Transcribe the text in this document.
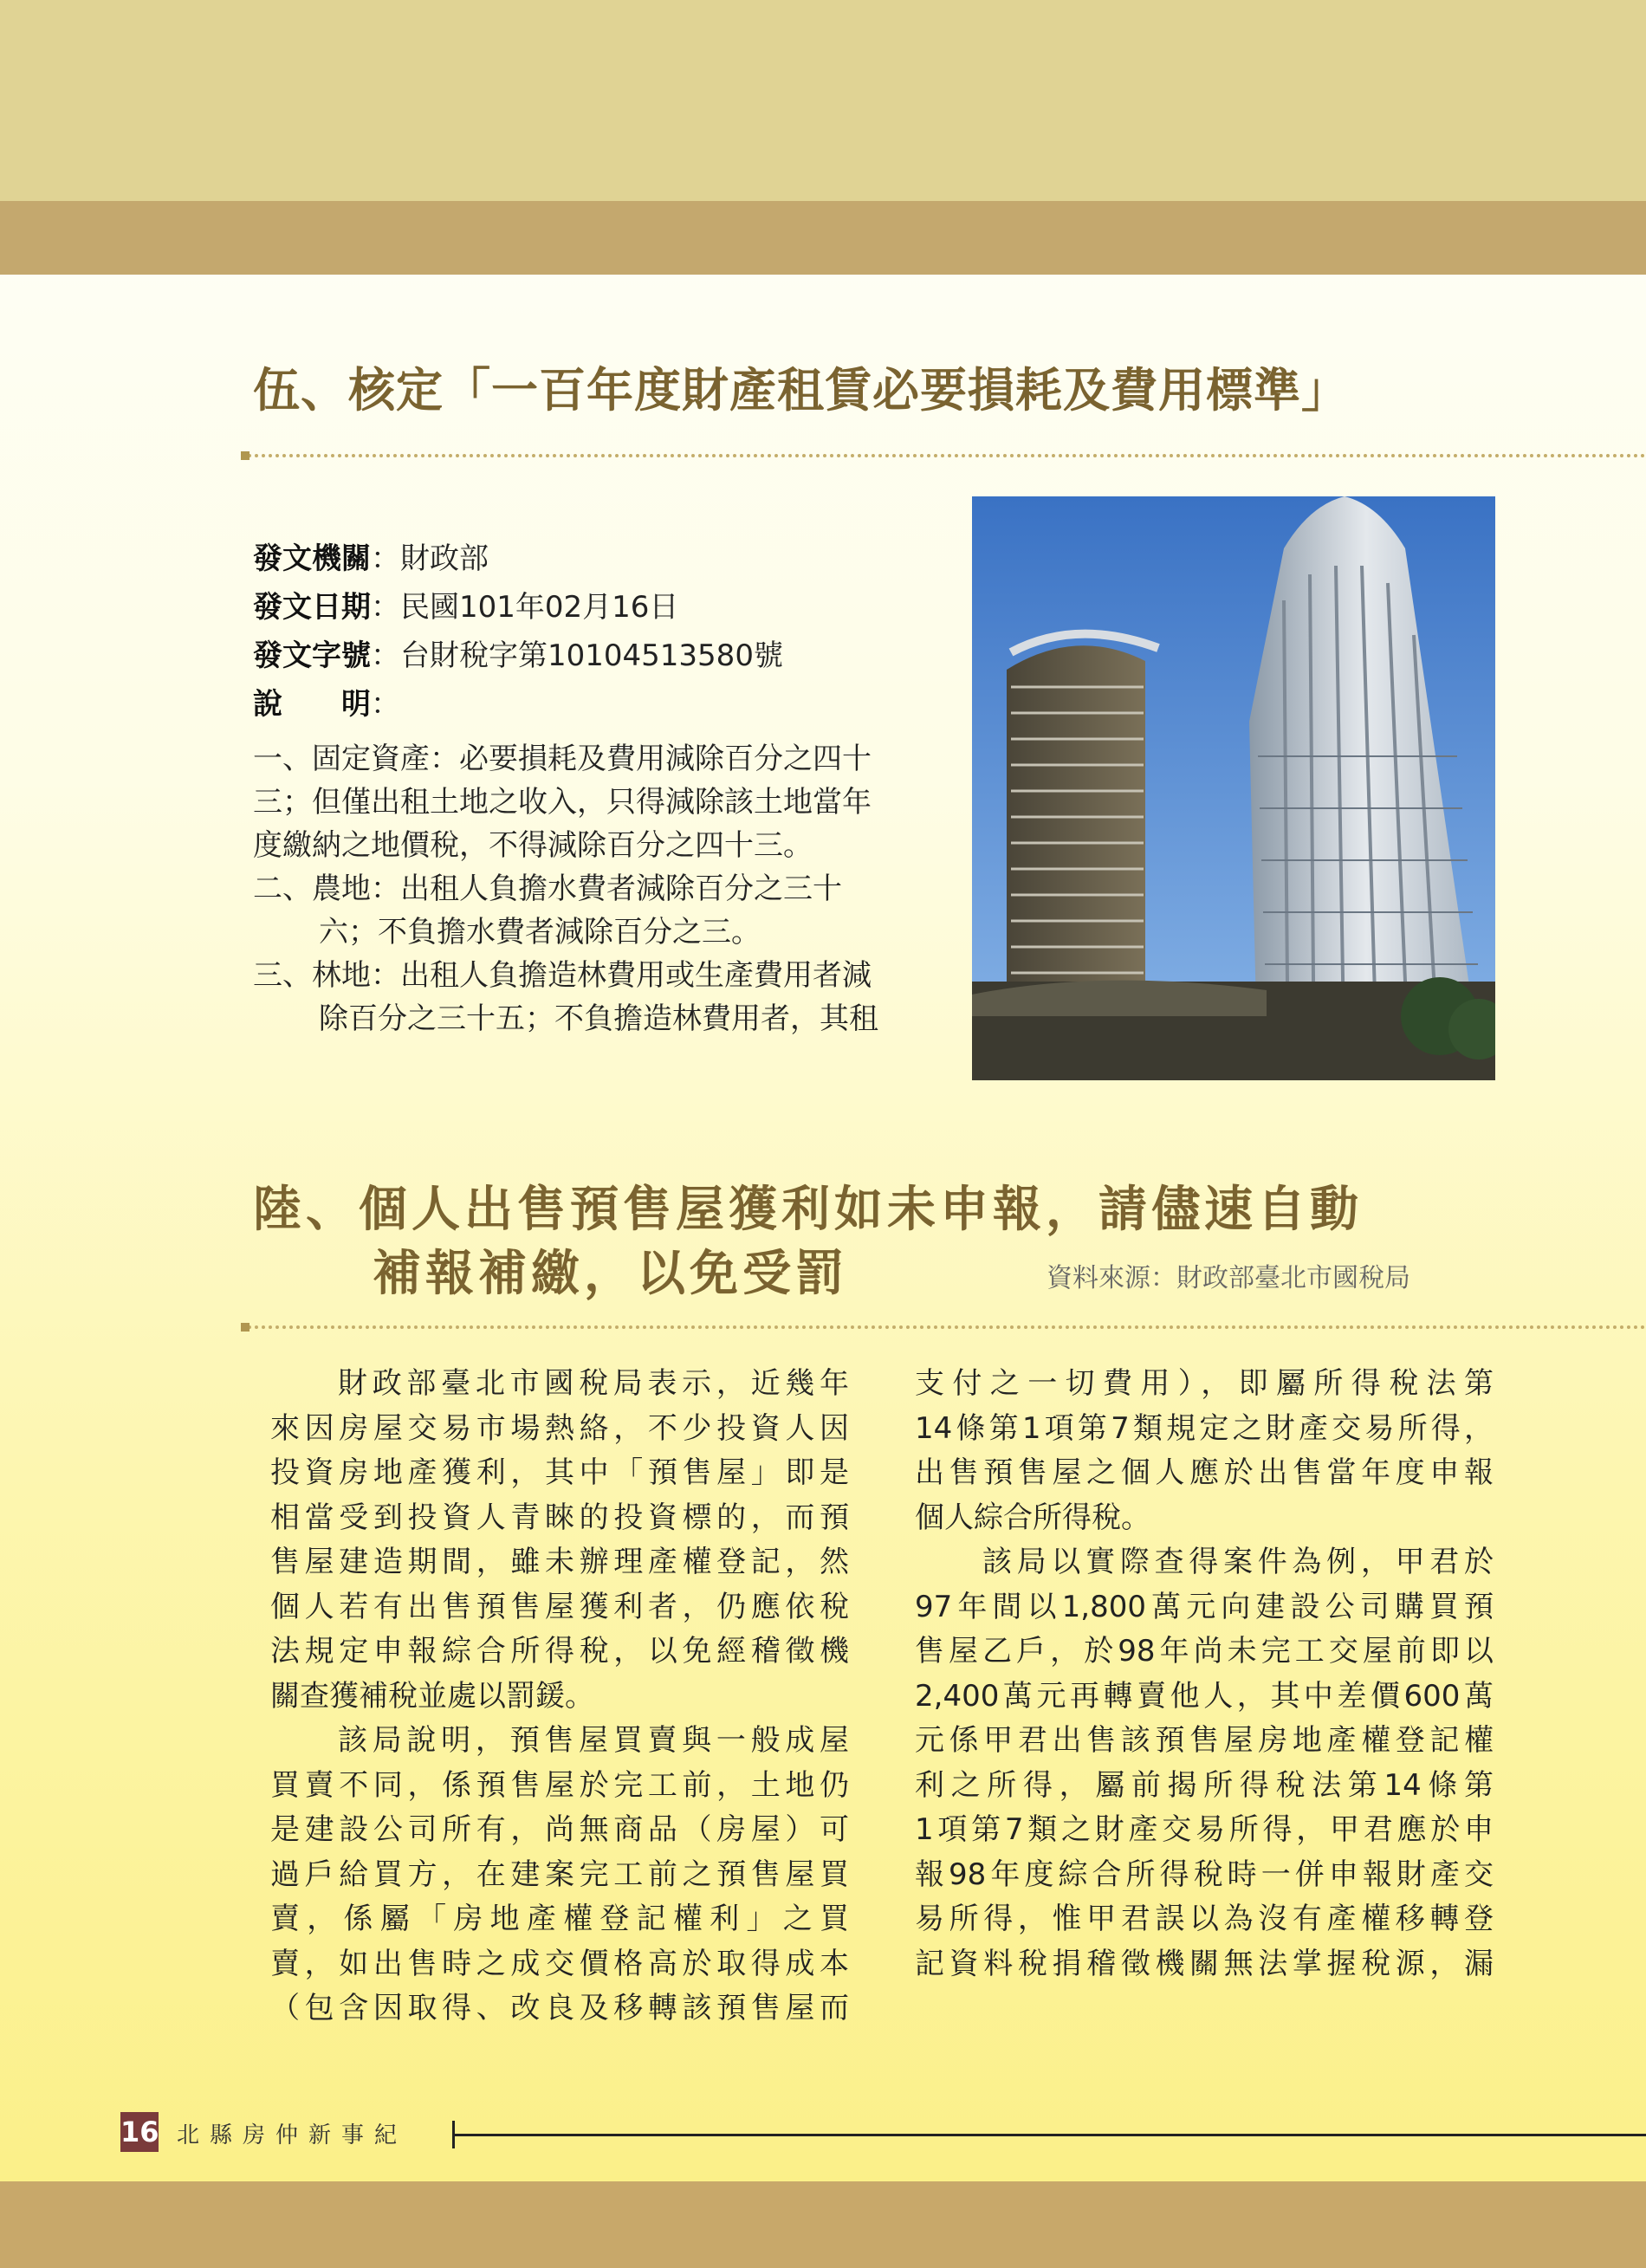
伍、核定「一百年度財產租賃必要損耗及費用標準」
發文機關：財政部
發文日期：民國101年02月16日
發文字號：台財稅字第10104513580號
說　　明：
一、固定資產：必要損耗及費用減除百分之四十
三；但僅出租土地之收入，只得減除該土地當年
度繳納之地價稅，不得減除百分之四十三。
二、農地：出租人負擔水費者減除百分之三十
六；不負擔水費者減除百分之三。
三、林地：出租人負擔造林費用或生產費用者減
除百分之三十五；不負擔造林費用者，其租
陸、個人出售預售屋獲利如未申報，請儘速自動
補報補繳，以免受罰	資料來源：財政部臺北市國稅局

財政部臺北市國稅局表示，近幾年

來因房屋交易市場熱絡，不少投資人因

投資房地產獲利，其中「預售屋」即是

相當受到投資人青睞的投資標的，而預

售屋建造期間，雖未辦理產權登記，然

個人若有出售預售屋獲利者，仍應依稅

法規定申報綜合所得稅，以免經稽徵機

關查獲補稅並處以罰鍰。

該局說明，預售屋買賣與一般成屋

買賣不同，係預售屋於完工前，土地仍

是建設公司所有，尚無商品（房屋）可

過戶給買方，在建案完工前之預售屋買

賣，係屬「房地產權登記權利」之買

賣，如出售時之成交價格高於取得成本

（包含因取得、改良及移轉該預售屋而

支付之一切費用），即屬所得稅法第

14條第1項第7類規定之財產交易所得，

出售預售屋之個人應於出售當年度申報

個人綜合所得稅。

該局以實際查得案件為例，甲君於

97年間以1,800萬元向建設公司購買預

售屋乙戶，於98年尚未完工交屋前即以

2,400萬元再轉賣他人，其中差價600萬

元係甲君出售該預售屋房地產權登記權

利之所得，屬前揭所得稅法第14條第

1項第7類之財產交易所得，甲君應於申

報98年度綜合所得稅時一併申報財產交

易所得，惟甲君誤以為沒有產權移轉登

記資料稅捐稽徵機關無法掌握稅源，漏

16 北縣房仲新事紀
